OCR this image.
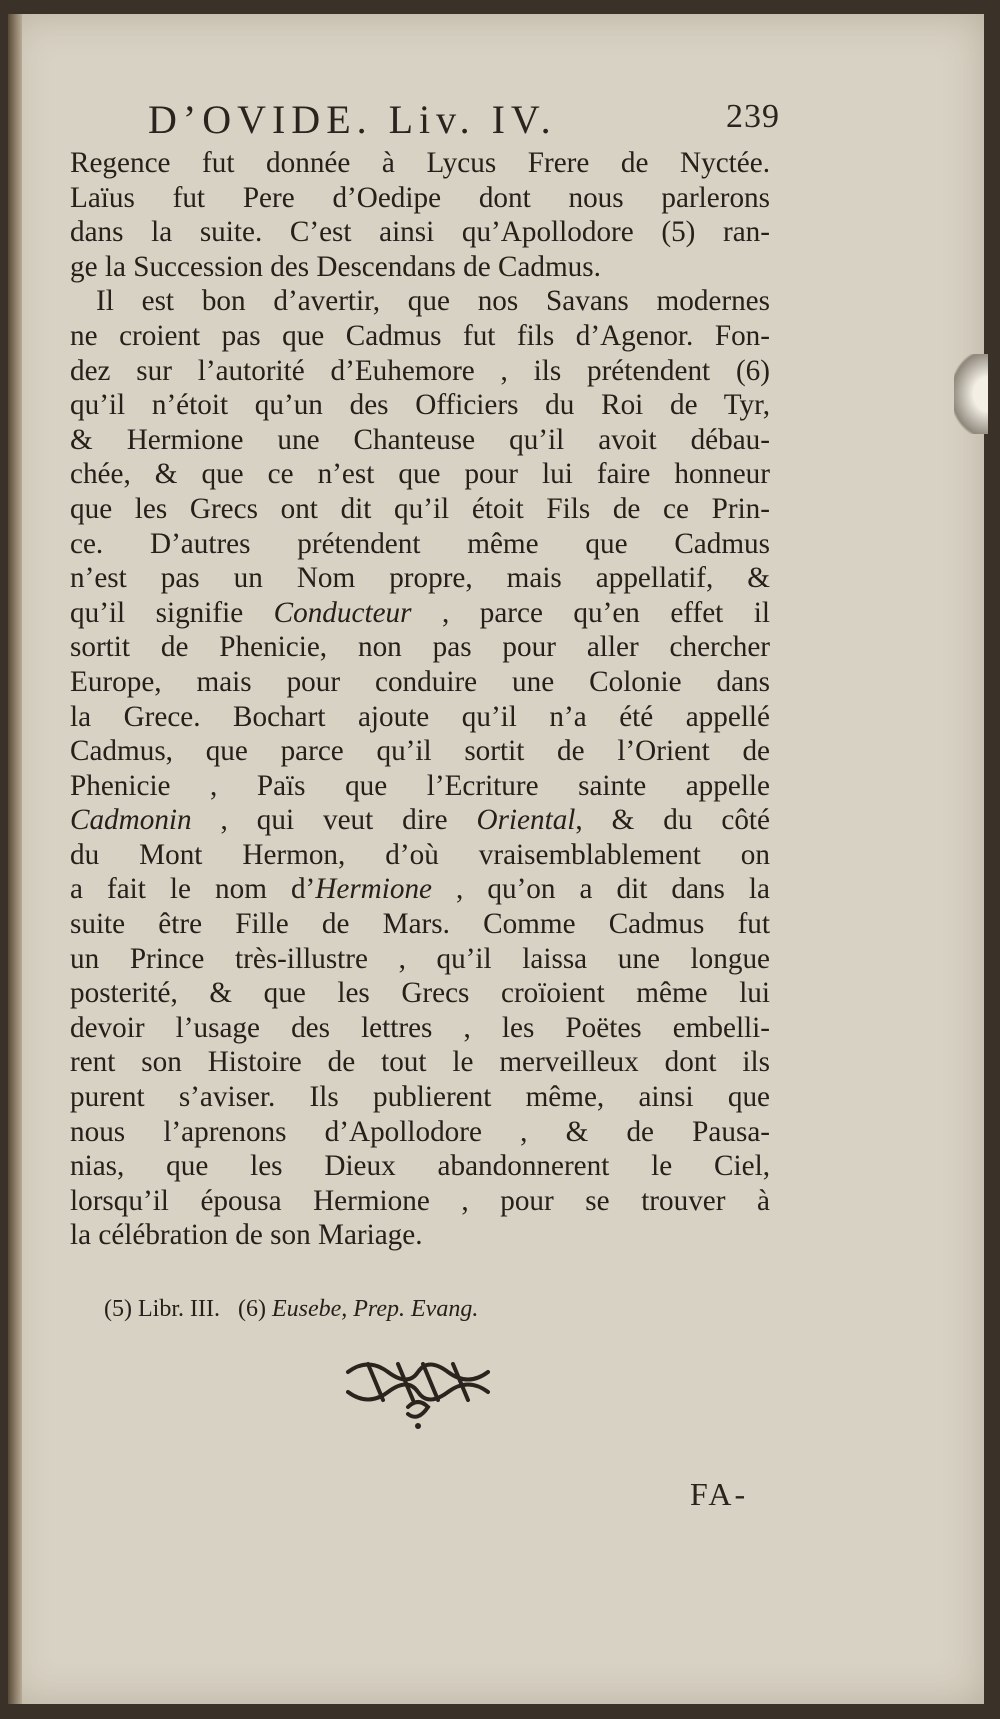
D’OVIDE. Liv. IV.	239
Regence fut donnée à Lycus Frere de Nyctée.
Laïus fut Pere d’Oedipe dont nous parlerons
dans la suite. C’est ainsi qu’Apollodore (5) ran-
ge la Succession des Descendans de Cadmus.
Il est bon d’avertir, que nos Savans modernes
ne croient pas que Cadmus fut fils d’Agenor. Fon-
dez sur l’autorité d’Euhemore , ils prétendent (6)
qu’il n’étoit qu’un des Officiers du Roi de Tyr,
& Hermione une Chanteuse qu’il avoit débau-
chée, & que ce n’est que pour lui faire honneur
que les Grecs ont dit qu’il étoit Fils de ce Prin-
ce. D’autres prétendent même que Cadmus
n’est pas un Nom propre, mais appellatif, &
qu’il signifie Conducteur , parce qu’en effet il
sortit de Phenicie, non pas pour aller chercher
Europe, mais pour conduire une Colonie dans
la Grece. Bochart ajoute qu’il n’a été appellé
Cadmus, que parce qu’il sortit de l’Orient de
Phenicie , Païs que l’Ecriture sainte appelle
Cadmonin , qui veut dire Oriental, & du côté
du Mont Hermon, d’où vraisemblablement on
a fait le nom d’Hermione , qu’on a dit dans la
suite être Fille de Mars. Comme Cadmus fut
un Prince très-illustre , qu’il laissa une longue
posterité, & que les Grecs croïoient même lui
devoir l’usage des lettres , les Poëtes embelli-
rent son Histoire de tout le merveilleux dont ils
purent s’aviser. Ils publierent même, ainsi que
nous l’aprenons d’Apollodore , & de Pausa-
nias, que les Dieux abandonnerent le Ciel,
lorsqu’il épousa Hermione , pour se trouver à
la célébration de son Mariage.
(5) Libr. III. (6) Eusebe, Prep. Evang.
FA-
